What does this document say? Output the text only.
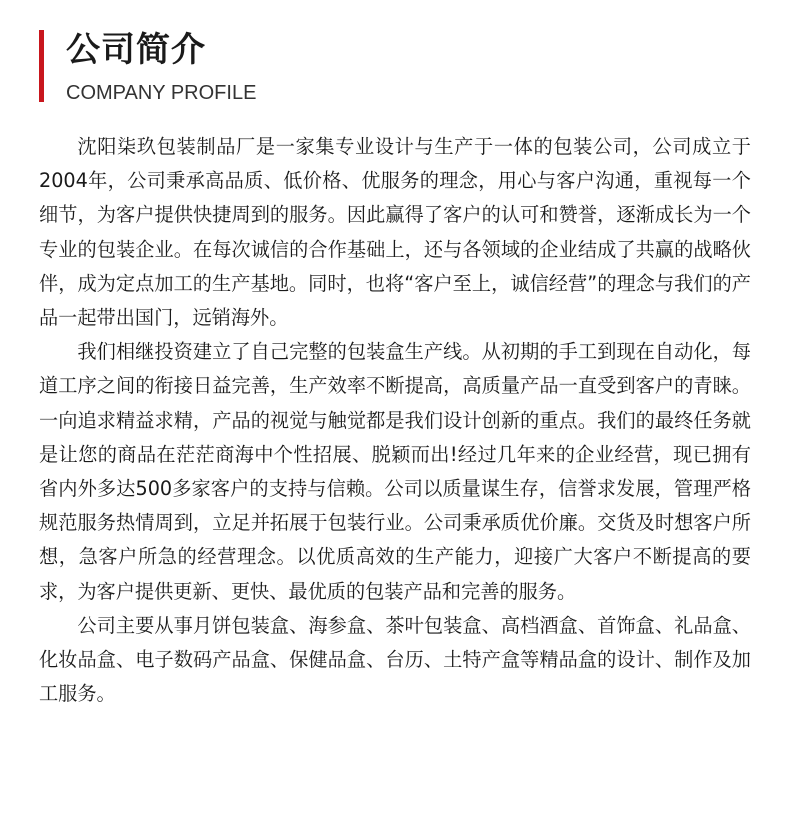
公司简介
COMPANY PROFILE

沈阳柒玖包装制品厂是一家集专业设计与生产于一体的包装公司，公司成立于2004年，公司秉承高品质、低价格、优服务的理念，用心与客户沟通，重视每一个细节，为客户提供快捷周到的服务。因此赢得了客户的认可和赞誉，逐渐成长为一个专业的包装企业。在每次诚信的合作基础上，还与各领域的企业结成了共赢的战略伙伴，成为定点加工的生产基地。同时，也将“客户至上，诚信经营”的理念与我们的产品一起带出国门，远销海外。

我们相继投资建立了自己完整的包装盒生产线。从初期的手工到现在自动化，每道工序之间的衔接日益完善，生产效率不断提高，高质量产品一直受到客户的青睐。一向追求精益求精，产品的视觉与触觉都是我们设计创新的重点。我们的最终任务就是让您的商品在茫茫商海中个性招展、脱颖而出!经过几年来的企业经营，现已拥有省内外多达500多家客户的支持与信赖。公司以质量谋生存，信誉求发展，管理严格规范服务热情周到，立足并拓展于包装行业。公司秉承质优价廉。交货及时想客户所想，急客户所急的经营理念。以优质高效的生产能力，迎接广大客户不断提高的要求，为客户提供更新、更快、最优质的包装产品和完善的服务。

公司主要从事月饼包装盒、海参盒、茶叶包装盒、高档酒盒、首饰盒、礼品盒、化妆品盒、电子数码产品盒、保健品盒、台历、土特产盒等精品盒的设计、制作及加工服务。
